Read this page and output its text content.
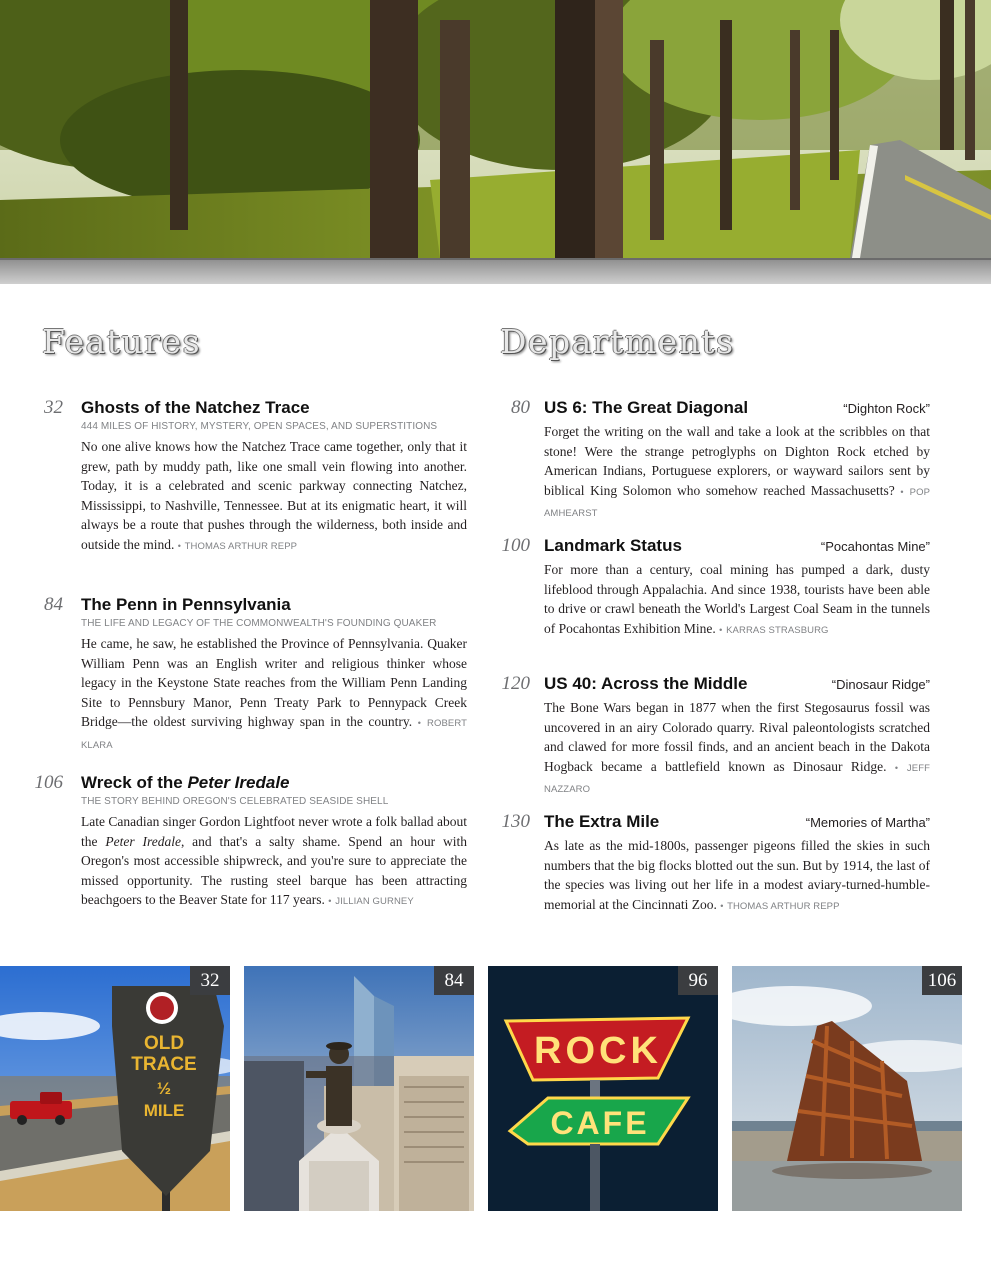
Features	Departments
32 Ghosts of the Natchez Trace
444 MILES OF HISTORY, MYSTERY, OPEN SPACES, AND SUPERSTITIONS

No one alive knows how the Natchez Trace came together, only that it grew, path by muddy path, like one small vein flowing into another. Today, it is a celebrated and scenic parkway connecting Natchez, Mississippi, to Nashville, Tennessee. But at its enigmatic heart, it will always be a route that pushes through the wilderness, both inside and outside the mind. • THOMAS ARTHUR REPP

84 The Penn in Pennsylvania
THE LIFE AND LEGACY OF THE COMMONWEALTH'S FOUNDING QUAKER

He came, he saw, he established the Province of Pennsylvania. Quaker William Penn was an English writer and religious thinker whose legacy in the Keystone State reaches from the William Penn Landing Site to Pennsbury Manor, Penn Treaty Park to Pennypack Creek Bridge—the oldest surviving highway span in the country. • ROBERT KLARA

106 Wreck of the Peter Iredale
THE STORY BEHIND OREGON'S CELEBRATED SEASIDE SHELL

Late Canadian singer Gordon Lightfoot never wrote a folk ballad about the Peter Iredale, and that's a salty shame. Spend an hour with Oregon's most accessible shipwreck, and you're sure to appreciate the missed opportunity. The rusting steel barque has been attracting beachgoers to the Beaver State for 117 years. • JILLIAN GURNEY

80 US 6: The Great Diagonal	“Dighton Rock”

Forget the writing on the wall and take a look at the scribbles on that stone! Were the strange petroglyphs on Dighton Rock etched by American Indians, Portuguese explorers, or wayward sailors sent by biblical King Solomon who somehow reached Massachusetts? • POP AMHEARST

100 Landmark Status	“Pocahontas Mine”

For more than a century, coal mining has pumped a dark, dusty lifeblood through Appalachia. And since 1938, tourists have been able to drive or crawl beneath the World's Largest Coal Seam in the tunnels of Pocahontas Exhibition Mine. • KARRAS STRASBURG

120 US 40: Across the Middle	“Dinosaur Ridge”

The Bone Wars began in 1877 when the first Stegosaurus fossil was uncovered in an airy Colorado quarry. Rival paleontologists scratched and clawed for more fossil finds, and an ancient beach in the Dakota Hogback became a battlefield known as Dinosaur Ridge. • JEFF NAZZARO

130 The Extra Mile	“Memories of Martha”

As late as the mid-1800s, passenger pigeons filled the skies in such numbers that the big flocks blotted out the sun. But by 1914, the last of the species was living out her life in a modest aviary-turned-humble-memorial at the Cincinnati Zoo. • THOMAS ARTHUR REPP

OLD
TRACE
½
MILE
32	84
ROCK
CAFE
96	106
